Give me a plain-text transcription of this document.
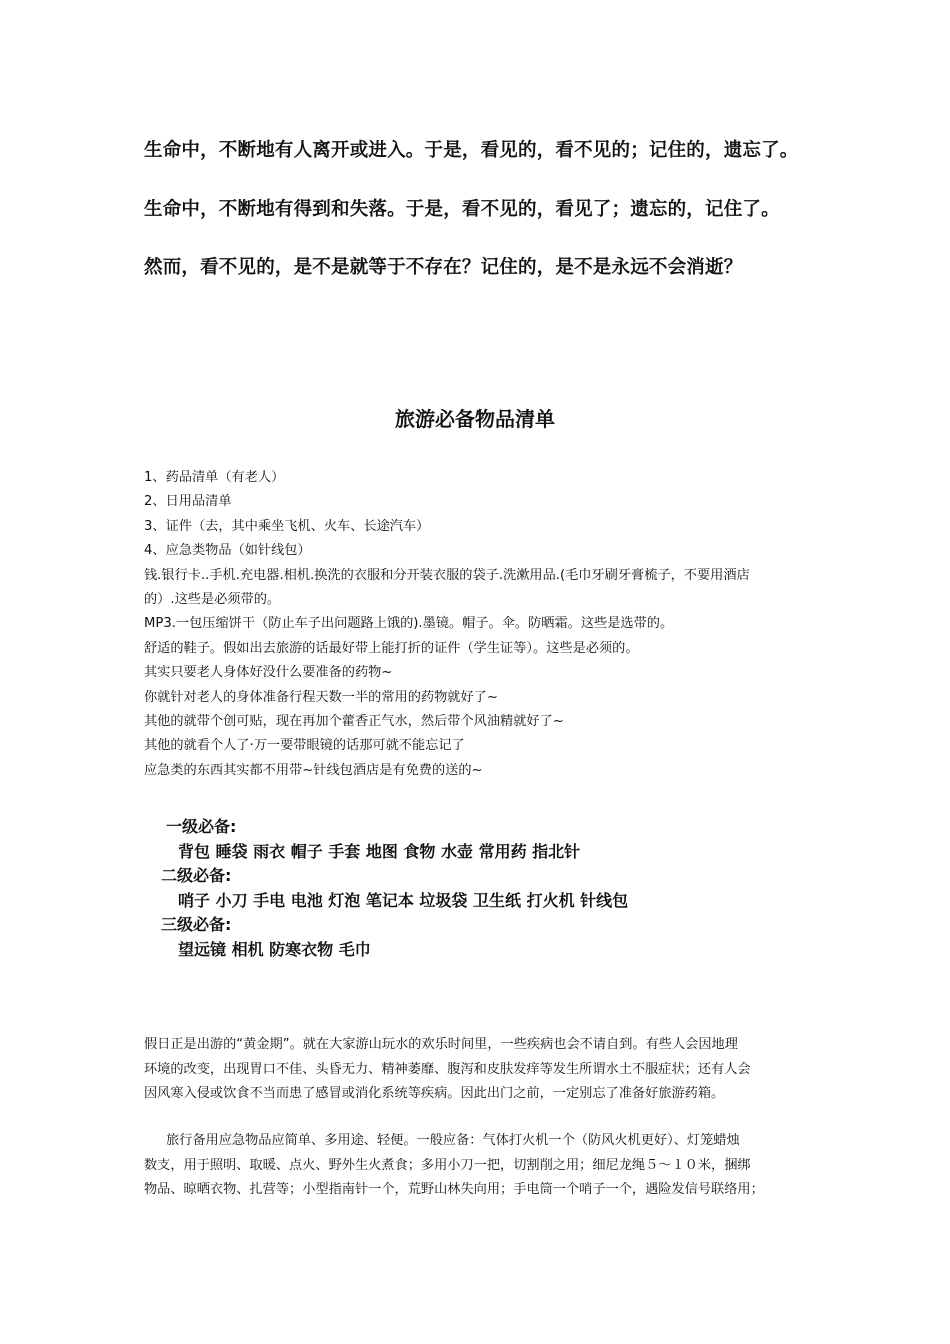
生命中，不断地有人离开或进入。于是，看见的，看不见的；记住的，遗忘了。
生命中，不断地有得到和失落。于是，看不见的，看见了；遗忘的，记住了。
然而，看不见的，是不是就等于不存在？记住的，是不是永远不会消逝？
旅游必备物品清单
1、药品清单（有老人）
2、日用品清单
3、证件（去，其中乘坐飞机、火车、长途汽车）
4、应急类物品（如针线包）
钱.银行卡..手机.充电器.相机.换洗的衣服和分开装衣服的袋子.洗漱用品.(毛巾牙刷牙膏梳子，不要用酒店
的）.这些是必须带的。
MP3.一包压缩饼干（防止车子出问题路上饿的).墨镜。帽子。伞。防晒霜。这些是选带的。
舒适的鞋子。假如出去旅游的话最好带上能打折的证件（学生证等）。这些是必须的。
其实只要老人身体好没什么要准备的药物~
你就针对老人的身体准备行程天数一半的常用的药物就好了~
其他的就带个创可贴，现在再加个藿香正气水，然后带个风油精就好了~
其他的就看个人了·万一要带眼镜的话那可就不能忘记了
应急类的东西其实都不用带~针线包酒店是有免费的送的~
一级必备:
背包 睡袋 雨衣 帽子 手套 地图 食物 水壶 常用药 指北针
二级必备:
哨子 小刀 手电 电池 灯泡 笔记本 垃圾袋 卫生纸 打火机 针线包
三级必备:
望远镜 相机 防寒衣物 毛巾
假日正是出游的“黄金期”。就在大家游山玩水的欢乐时间里，一些疾病也会不请自到。有些人会因地理
环境的改变，出现胃口不佳、头昏无力、精神萎靡、腹泻和皮肤发痒等发生所谓水土不服症状；还有人会
因风寒入侵或饮食不当而患了感冒或消化系统等疾病。因此出门之前，一定别忘了准备好旅游药箱。
旅行备用应急物品应简单、多用途、轻便。一般应备：气体打火机一个（防风火机更好）、灯笼蜡烛
数支，用于照明、取暖、点火、野外生火煮食；多用小刀一把，切割削之用；细尼龙绳５～１０米，捆绑
物品、晾晒衣物、扎营等；小型指南针一个，荒野山林失向用；手电筒一个哨子一个，遇险发信号联络用；
